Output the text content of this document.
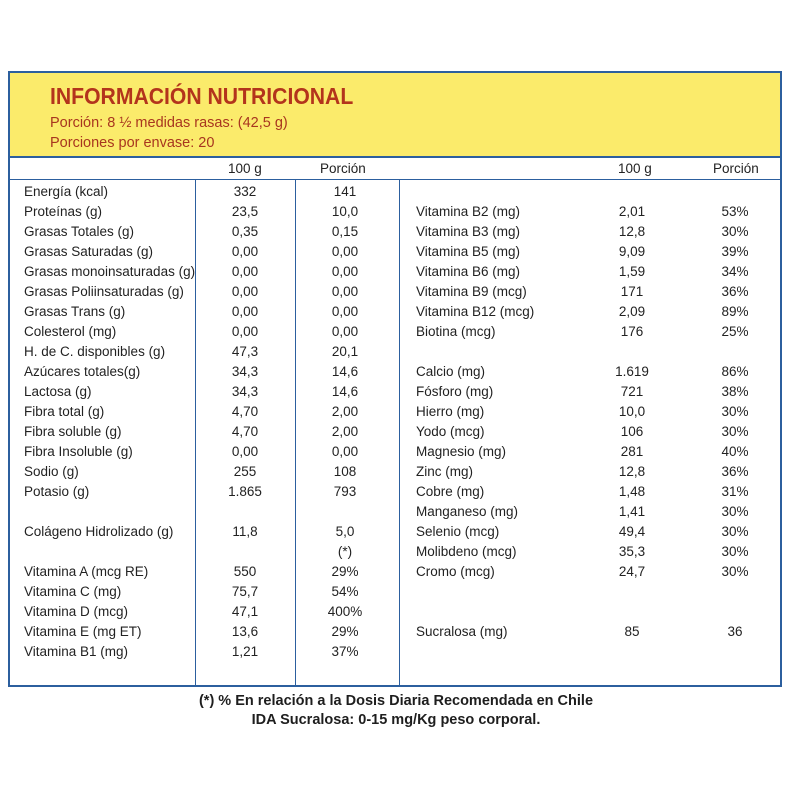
INFORMACIÓN NUTRICIONAL
Porción: 8 ½ medidas rasas: (42,5 g)
Porciones por envase: 20
100 g	Porción	100 g	Porción
Energía (kcal)	332	141
Proteínas (g)	23,5	10,0
Grasas Totales (g)	0,35	0,15
Grasas Saturadas (g)	0,00	0,00
Grasas monoinsaturadas (g)	0,00	0,00
Grasas Poliinsaturadas (g)	0,00	0,00
Grasas Trans (g)	0,00	0,00
Colesterol (mg)	0,00	0,00
H. de C. disponibles (g)	47,3	20,1
Azúcares totales(g)	34,3	14,6
Lactosa (g)	34,3	14,6
Fibra total (g)	4,70	2,00
Fibra soluble (g)	4,70	2,00
Fibra Insoluble (g)	0,00	0,00
Sodio (g)	255	108
Potasio (g)	1.865	793
Colágeno Hidrolizado (g)	11,8	5,0
(*)
Vitamina A (mcg RE)	550	29%
Vitamina C (mg)	75,7	54%
Vitamina D (mcg)	47,1	400%
Vitamina E (mg ET)	13,6	29%
Vitamina B1 (mg)	1,21	37%
Vitamina B2 (mg)	2,01	53%
Vitamina B3 (mg)	12,8	30%
Vitamina B5 (mg)	9,09	39%
Vitamina B6 (mg)	1,59	34%
Vitamina B9 (mcg)	171	36%
Vitamina B12 (mcg)	2,09	89%
Biotina (mcg)	176	25%
Calcio (mg)	1.619	86%
Fósforo (mg)	721	38%
Hierro (mg)	10,0	30%
Yodo (mcg)	106	30%
Magnesio (mg)	281	40%
Zinc (mg)	12,8	36%
Cobre (mg)	1,48	31%
Manganeso (mg)	1,41	30%
Selenio (mcg)	49,4	30%
Molibdeno (mcg)	35,3	30%
Cromo (mcg)	24,7	30%
Sucralosa (mg)	85	36
(*) % En relación a la Dosis Diaria Recomendada en Chile
IDA Sucralosa: 0-15 mg/Kg peso corporal.
